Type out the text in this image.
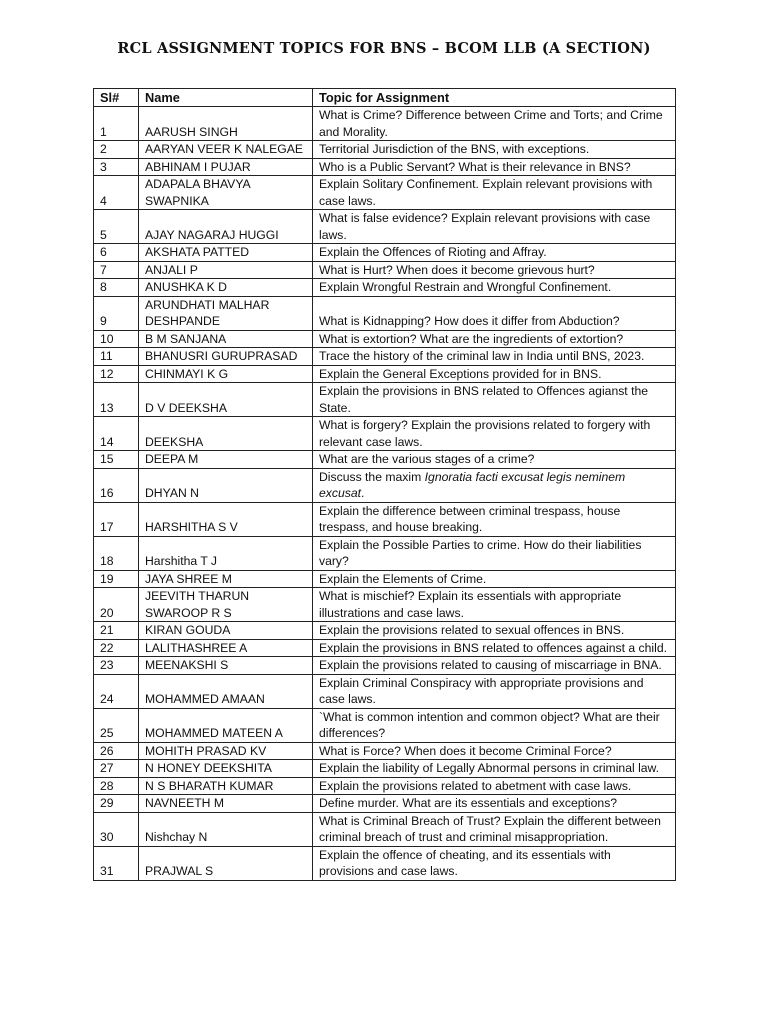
RCL ASSIGNMENT TOPICS FOR BNS – BCOM LLB (A SECTION)
Sl#	Name	Topic for Assignment
1	AARUSH SINGH	What is Crime? Difference between Crime and Torts; and Crime and Morality.
2	AARYAN VEER K NALEGAE	Territorial Jurisdiction of the BNS, with exceptions.
3	ABHINAM I PUJAR	Who is a Public Servant? What is their relevance in BNS?
4	ADAPALA BHAVYA SWAPNIKA	Explain Solitary Confinement. Explain relevant provisions with case laws.
5	AJAY NAGARAJ HUGGI	What is false evidence? Explain relevant provisions with case laws.
6	AKSHATA PATTED	Explain the Offences of Rioting and Affray.
7	ANJALI P	What is Hurt? When does it become grievous hurt?
8	ANUSHKA K D	Explain Wrongful Restrain and Wrongful Confinement.
9	ARUNDHATI MALHAR DESHPANDE	What is Kidnapping? How does it differ from Abduction?
10	B M SANJANA	What is extortion? What are the ingredients of extortion?
11	BHANUSRI GURUPRASAD	Trace the history of the criminal law in India until BNS, 2023.
12	CHINMAYI K G	Explain the General Exceptions provided for in BNS.
13	D V DEEKSHA	Explain the provisions in BNS related to Offences agianst the State.
14	DEEKSHA	What is forgery? Explain the provisions related to forgery with relevant case laws.
15	DEEPA M	What are the various stages of a crime?
16	DHYAN N	Discuss the maxim Ignoratia facti excusat legis neminem excusat.
17	HARSHITHA S V	Explain the difference between criminal trespass, house trespass, and house breaking.
18	Harshitha T J	Explain the Possible Parties to crime. How do their liabilities vary?
19	JAYA SHREE M	Explain the Elements of Crime.
20	JEEVITH THARUN SWAROOP R S	What is mischief? Explain its essentials with appropriate illustrations and case laws.
21	KIRAN GOUDA	Explain the provisions related to sexual offences in BNS.
22	LALITHASHREE A	Explain the provisions in BNS related to offences against a child.
23	MEENAKSHI S	Explain the provisions related to causing of miscarriage in BNA.
24	MOHAMMED AMAAN	Explain Criminal Conspiracy with appropriate provisions and case laws.
25	MOHAMMED MATEEN A	`What is common intention and common object? What are their differences?
26	MOHITH PRASAD KV	What is Force? When does it become Criminal Force?
27	N HONEY DEEKSHITA	Explain the liability of Legally Abnormal persons in criminal law.
28	N S BHARATH KUMAR	Explain the provisions related to abetment with case laws.
29	NAVNEETH M	Define murder. What are its essentials and exceptions?
30	Nishchay N	What is Criminal Breach of Trust? Explain the different between criminal breach of trust and criminal misappropriation.
31	PRAJWAL S	Explain the offence of cheating, and its essentials with provisions and case laws.
